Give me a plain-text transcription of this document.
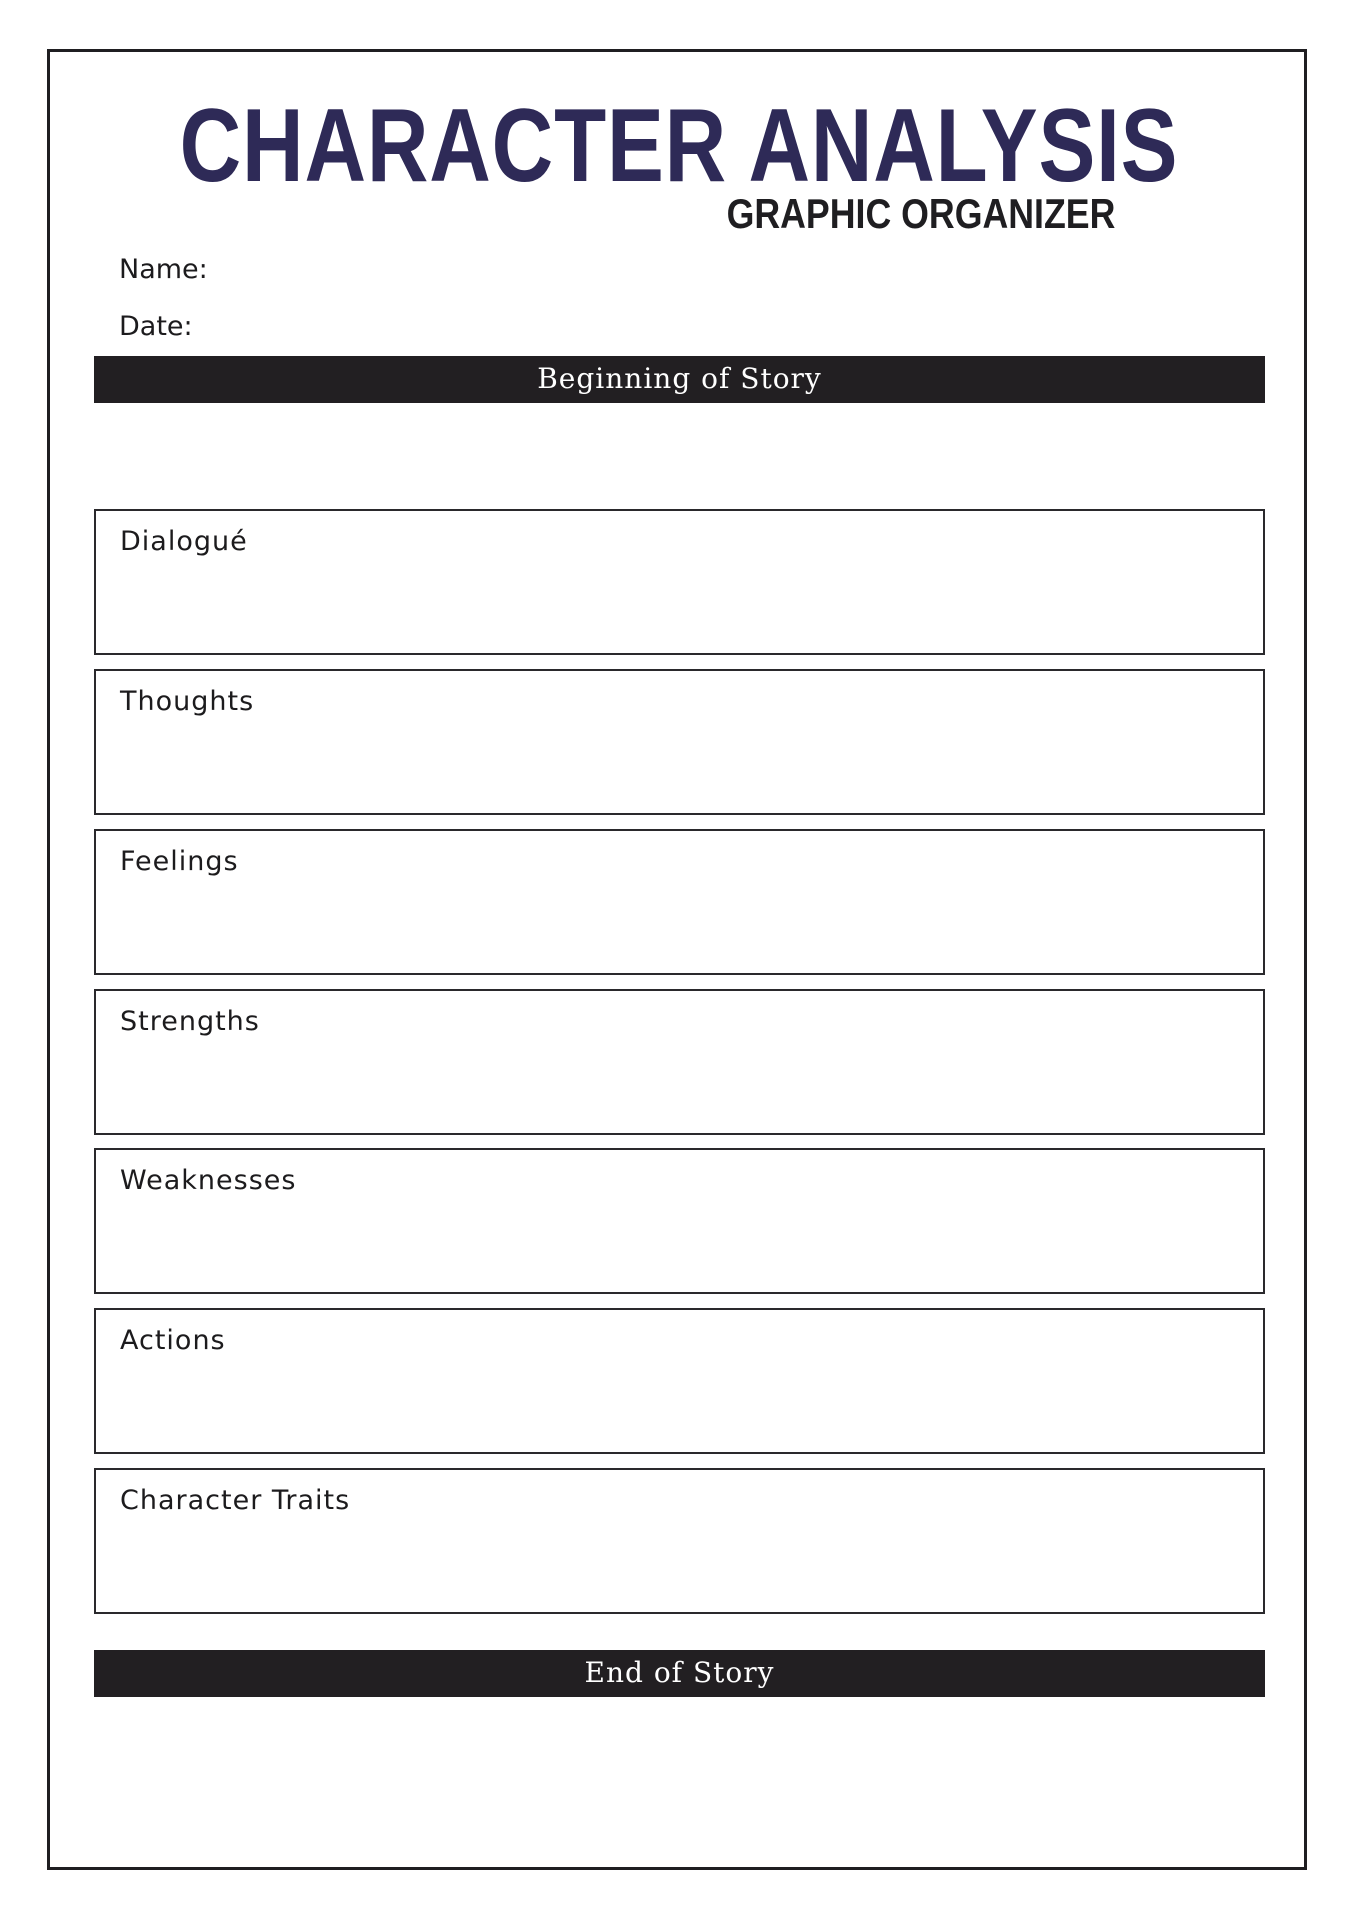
CHARACTER ANALYSIS
GRAPHIC ORGANIZER
Name:
Date:
Beginning of Story
Dialogué
Thoughts
Feelings
Strengths
Weaknesses
Actions
Character Traits
End of Story
